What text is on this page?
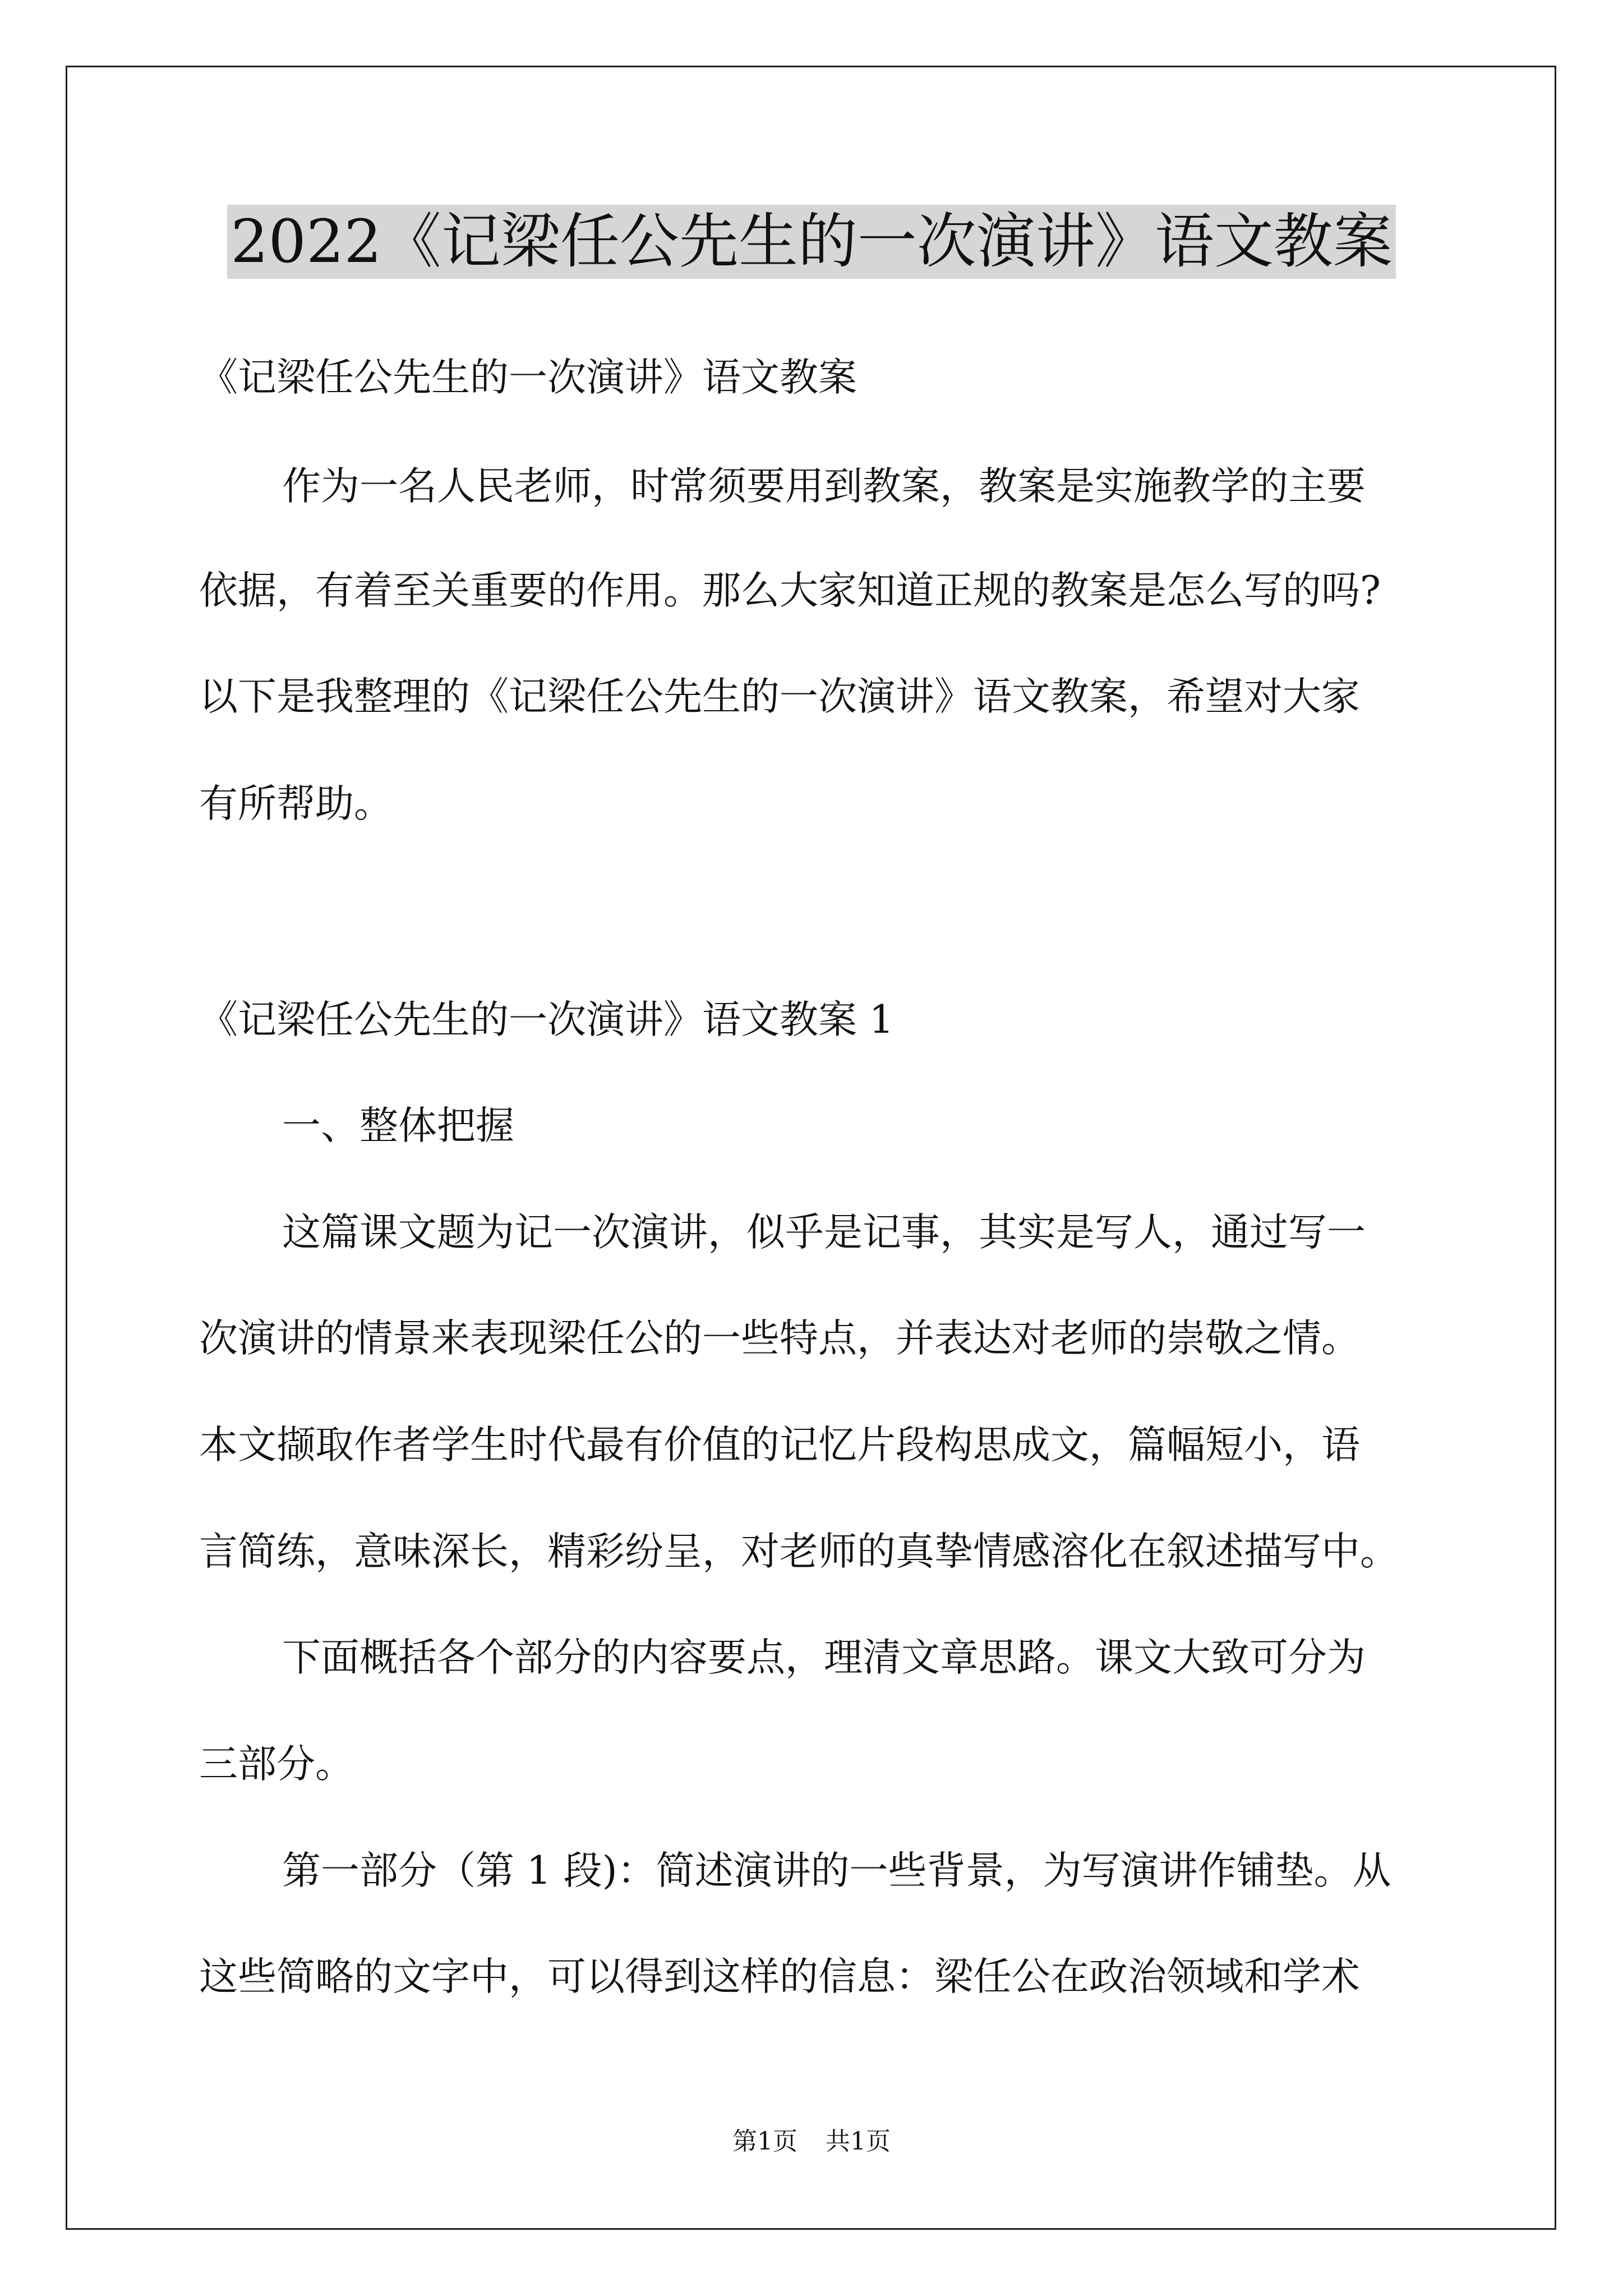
2022《记梁任公先生的一次演讲》语文教案
《记梁任公先生的一次演讲》语文教案
作为一名人民老师，时常须要用到教案，教案是实施教学的主要
依据，有着至关重要的作用。那么大家知道正规的教案是怎么写的吗?
以下是我整理的《记梁任公先生的一次演讲》语文教案，希望对大家
有所帮助。
《记梁任公先生的一次演讲》语文教案 1
一、整体把握
这篇课文题为记一次演讲，似乎是记事，其实是写人，通过写一
次演讲的情景来表现梁任公的一些特点，并表达对老师的崇敬之情。
本文撷取作者学生时代最有价值的记忆片段构思成文，篇幅短小，语
言简练，意味深长，精彩纷呈，对老师的真挚情感溶化在叙述描写中。
下面概括各个部分的内容要点，理清文章思路。课文大致可分为
三部分。
第一部分（第 1 段)：简述演讲的一些背景，为写演讲作铺垫。从
这些简略的文字中，可以得到这样的信息：梁任公在政治领域和学术
第1页 共1页
